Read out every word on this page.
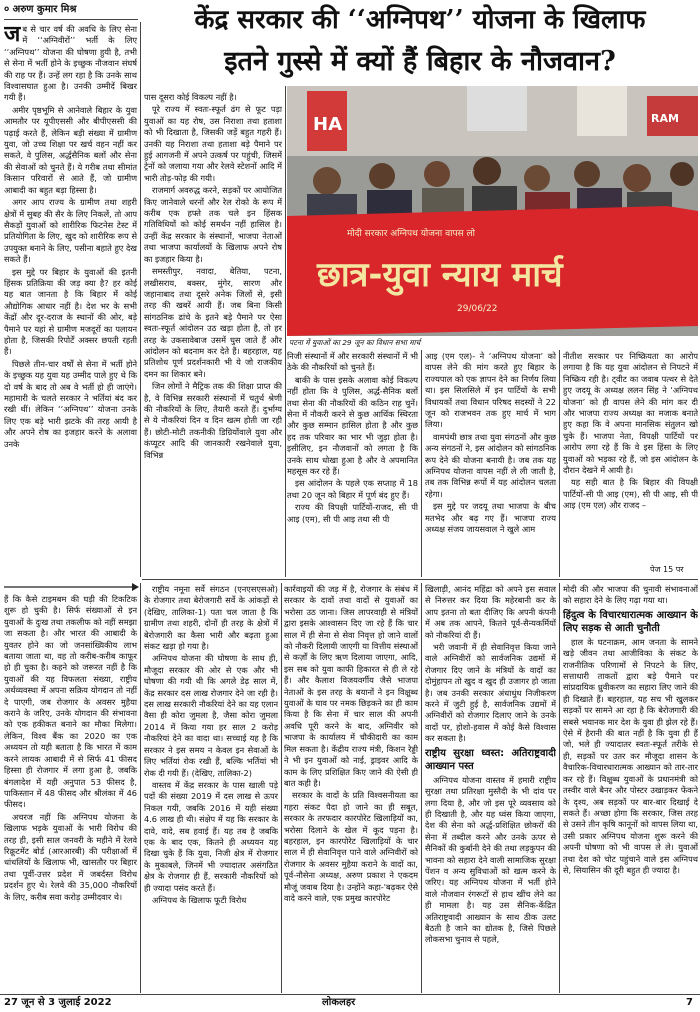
० अरुण कुमार मिश्र	केंद्र सरकार की ‘‘अग्निपथ’’ योजना के खिलाफ
इतने गुस्से में क्यों हैं बिहार के नौजवान?
ज ब से चार वर्ष की अवधि के लिए सेना में ‘‘अग्निवीरों’’ भर्ती के लिए ‘‘अग्निपथ’’ योजना की घोषणा हुयी है, तभी से सेना में भर्ती होने के इच्छुक नौजवान संघर्ष की राह पर हैं। उन्हें लग रहा है कि उनके साथ विश्वासघात हुआ है। उनकी उम्मीदें बिखर गयी हैं।

अमीर पृष्ठभूमि से आनेवाले बिहार के युवा आमतौर पर यूपीएससी और बीपीएससी की पढ़ाई करते हैं, लेकिन बड़ी संख्या में ग्रामीण युवा, जो उच्च शिक्षा पर खर्च वहन नहीं कर सकते, वे पुलिस, अर्द्धसैनिक बलों और सेना की सेवाओं को चुनते हैं। ये गरीब तथा सीमांत किसान परिवारों से आते हैं, जो ग्रामीण आबादी का बहुत बड़ा हिस्सा है।

अगर आप राज्य के ग्रामीण तथा शहरी क्षेत्रों में सुबह की सैर के लिए निकलें, तो आप सैकड़ों युवाओं को शारीरिक फिटनेस टेस्ट में प्रतियोगिता के लिए, खुद को शारीरिक रूप से उपयुक्त बनाने के लिए, पसीना बहाते हुए देख सकते हैं।

इस मुद्दे पर बिहार के युवाओं की इतनी हिंसक प्रतिक्रिया की जड़ क्या है? हर कोई यह बात जानता है कि बिहार में कोई औद्योगिक आधार नहीं है। देश भर के सभी केंद्रों और दूर-दराज के स्थानों की ओर, बड़े पैमाने पर यहां से ग्रामीण मजदूरों का पलायन होता है, जिसकी रिपोर्टें अक्सर छपती रहती हैं।

पिछले तीन-चार वर्षों से सेना में भर्ती होने के इच्छुक यह युवा यह उम्मीद पाले हुए थे कि दो वर्ष के बाद तो अब वे भर्ती हो ही जाएंगे। महामारी के चलते सरकार ने भर्तियां बंद कर रखी थीं। लेकिन ‘‘अग्निपथ’’ योजना उनके लिए एक बड़े भारी झटके की तरह आयी है और अपने रोष का इजहार करने के अलावा उनके

पास दूसरा कोई विकल्प नहीं है।

पूरे राज्य में स्वतः-स्फूर्त ढंग से फूट पड़ा युवाओं का यह रोष, उस निराशा तथा हताशा को भी दिखाता है, जिसकी जड़ें बहुत गहरी हैं। उनकी यह निराशा तथा हताशा बड़े पैमाने पर हुई आगजनी में अपने उत्कर्ष पर पहुंची, जिसमें ट्रेनों को जलाया गया और रेलवे स्टेशनों आदि में भारी तोड़-फोड़ की गयी।

राजमार्ग अवरुद्ध करने, सड़कों पर आयोजित किए जानेवाले धरनों और रेल रोको के रूप में करीब एक हफ्ते तक चले इन हिंसक गतिविधियों को कोई समर्थन नहीं हासिल है। उन्हीं केंद्र सरकार के संस्थानों, भाजपा नेताओं तथा भाजपा कार्यालयों के खिलाफ अपने रोष का इजहार किया है।

समस्तीपुर, नवादा, बेतिया, पटना, लखीसराय, बक्सर, मुंगेर, सारण और जहानाबाद तथा दूसरे अनेक जिलों से, इसी तरह की खबरें आयी हैं। जब बिना किसी सांगठनिक ढांचे के इतने बड़े पैमाने पर ऐसा स्वतः-स्फूर्त आंदोलन उठ खड़ा होता है, तो हर तरह के उकसावेबाज उसमें घुस जाते हैं और आंदोलन को बदनाम कर देते हैं। बहरहाल, यह प्रतिशोध पूर्ण प्रदर्शनकारी भी ये जो राजकीय दमन का शिकार बने।

जिन लोगों ने मैट्रिक तक की शिक्षा प्राप्त की है, वे विभिन्न सरकारी संस्थानों में चतुर्थ श्रेणी की नौकरियों के लिए, तैयारी करते हैं। दुर्भाग्य से ये नौकरियां दिन व दिन खत्म होती जा रही हैं। छोटी-मोटी तकनीकी डिग्रियोंवाले युवा और कंप्यूटर आदि की जानकारी रखनेवाले युवा, विभिन्न

HA	RAM
छात्र-युवा न्याय मार्च
मोदी सरकार अग्निपथ योजना वापस लो
29/06/22
पटना में युवाओं का 29 जून का विधान सभा मार्च

निजी संस्थानों में और सरकारी संस्थानों में भी ठेके की नौकरियों को चुनते हैं।

बाकी के पास इसके अलावा कोई विकल्प नहीं होता कि वे पुलिस, अर्द्ध-सैनिक बलों तथा सेना की नौकरियों की कठिन राह चुनें। सेना में नौकरी करने से कुछ आर्थिक स्थिरता और कुछ सम्मान हासिल होता है और कुछ हद तक परिवार का भार भी जुड़ा होता है। इसीलिए, इन नौजवानों को लगता है कि उनके साथ धोखा हुआ है और वे अपमानित महसूस कर रहे हैं।

इस आंदोलन के पहले एक सप्ताह में 18 तथा 20 जून को बिहार में पूर्ण बंद हुए हैं।

राज्य की विपक्षी पार्टियों-राजद, सी पी आइ (एम), सी पी आइ तथा सी पी

आइ (एम एल)- ने ‘अग्निपथ योजना’ को वापस लेने की मांग करते हुए बिहार के राज्यपाल को एक ज्ञापन देने का निर्णय लिया था। इस सिलसिले में इन पार्टियों के सभी विधायकों तथा विधान परिषद सदस्यों ने 22 जून को राजभवन तक हुए मार्च में भाग लिया।

वामपंथी छात्र तथा युवा संगठनों और कुछ अन्य संगठनों ने, इस आंदोलन को सांगठनिक रूप देने की योजना बनायी है। जब तक यह अग्निपथ योजना वापस नहीं ले ली जाती है, तब तक विभिन्न रूपों में यह आंदोलन चलता रहेगा।

इस मुद्दे पर जदयू तथा भाजपा के बीच मतभेद और बढ़ गए हैं। भाजपा राज्य अध्यक्ष संजय जायसवाल ने खुले आम

नीतीश सरकार पर निष्क्रियता का आरोप लगाया है कि यह युवा आंदोलन से निपटने में निष्क्रिय रही है। ट्वीट का जवाब पत्थर से देते हुए जदयू के अध्यक्ष ललन सिंह ने ‘अग्निपथ योजना’ को ही वापस लेने की मांग कर दी और भाजपा राज्य अध्यक्ष का मजाक बनाते हुए कहा कि वे अपना मानसिक संतुलन खो चुके हैं। भाजपा नेता, विपक्षी पार्टियों पर आरोप लगा रहे हैं कि वे इस हिंसा के लिए युवाओं को भड़का रहे हैं, जो इस आंदोलन के दौरान देखने में आयी है।

यह सही बात है कि बिहार की विपक्षी पार्टियों-सी पी आइ (एम), सी पी आइ, सी पी आइ (एम एल) और राजद –

पेज 15 पर

हैं कि कैसे टाइमबम की घड़ी की टिकटिक शुरू हो चुकी है। सिर्फ संख्याओं से इन युवाओं के दुःख तथा तकलीफ को नहीं समझा जा सकता है। और भारत की आबादी के युवतर होने का जो जनसांख्यिकीय लाभ बताया जाता था, वह तो करीब-करीब काफूर हो ही चुका है। कहने को जरूरत नहीं है कि युवाओं की यह विफलता संख्या, राष्ट्रीय अर्थव्यवस्था में अपना सक्रिय योगदान तो नहीं दे पाएगी, जब रोजगार के अवसर मुहैया कराने के जरिए, उनके योगदान की संभावना को एक हकीकत बनाने का मौका मिलेगा। लेकिन, विश्व बैंक का 2020 का एक अध्ययन तो यही बताता है कि भारत में काम करने लायक आबादी में से सिर्फ 41 फीसद हिस्सा ही रोजगार में लगा हुआ है, जबकि बंगलादेश में यही अनुपात 53 फीसद है, पाकिस्तान में 48 फीसद और श्रीलंका में 46 फीसद।

अचरज नहीं कि अग्निपथ योजना के खिलाफ भड़के युवाओं के भारी विरोध की तरह ही, इसी साल जनवरी के महीने में रेलवे रिक्रूटमेंट बोर्ड (आरआरबी) की परीक्षाओं में धांधलियों के खिलाफ भी, खासतौर पर बिहार तथा पूर्वी-उत्तर प्रदेश में जबर्दस्त विरोध प्रदर्शन हुए थे। रेलवे की 35,000 नौकरियों के लिए, करीब सवा करोड़ उम्मीदवार थे।

राष्ट्रीय नमूना सर्वे संगठन (एनएसएसओ) के रोजगार तथा बेरोजगारी सर्वे के आंकड़ों से (देखिए, तालिका-1) पता चल जाता है कि ग्रामीण तथा शहरी, दोनों ही तरह के क्षेत्रों में बेरोजगारी का कैसा भारी और बढ़ता हुआ संकट खड़ा हो गया है।

अग्निपथ योजना की घोषणा के साथ ही, मौजूदा सरकार की ओर से एक और भी घोषणा की गयी थी कि अगले डेढ़ साल में, केंद्र सरकार दस लाख रोजगार देने जा रही है। दस लाख सरकारी नौकरियां देने का यह एलान वैसा ही कोरा जुमला है, जैसा कोरा जुमला 2014 में किया गया हर साल 2 करोड़ नौकरियां देने का वादा था। सच्चाई यह है कि सरकार ने इस समय न केवल इन सेवाओं के लिए भर्तियां रोक रखी हैं, बल्कि भर्तियां भी रोक दी गयी हैं। (देखिए, तालिका-2)

वास्तव में केंद्र सरकार के पास खाली पड़े पदों की संख्या 2019 में दस लाख से ऊपर निकल गयी, जबकि 2016 में यही संख्या 4.6 लाख ही थी। संक्षेप में यह कि सरकार के दावे, वादे, सब हवाई हैं। यह तब है जबकि एक के बाद एक, कितने ही अध्ययन यह दिखा चुके हैं कि युवा, निजी क्षेत्र में रोजगार के मुकाबले, जिनमें भी ज्यादातर असंगठित क्षेत्र के रोजगार ही हैं, सरकारी नौकरियों को ही ज्यादा पसंद करते हैं।

अग्निपथ के खिलाफ फूटी विरोध

कार्रवाइयों की जड़ में है, रोजगार के संबंध में सरकार के दावों तथा वादों से युवाओं का भरोसा उठ जाना। जिस लापरवाही से मंत्रियों द्वारा इसके आश्वासन दिए जा रहे हैं कि चार साल में ही सेना से सेवा निवृत्त हो जाने वालों को नौकरी दिलायी जाएगी या वित्तीय संस्थाओं से कर्ज़ों के लिए ऋण दिलाया जाएगा, आदि, इस सब को युवा काफी हिकारत से ही ले रहे हैं। और कैलाश विजयवर्गीय जैसे भाजपा नेताओं के इस तरह के बयानों ने इन विक्षुब्ध युवाओं के घाव पर नमक छिड़कने का ही काम किया है कि सेना में चार साल की अपनी अवधि पूरी करने के बाद, अग्निवीर को भाजपा के कार्यालय में चौकीदारी का काम मिल सकता है। केंद्रीय राज्य मंत्री, किशन रेड्डी ने भी इन युवाओं को नाई, ड्राइवर आदि के काम के लिए प्रशिक्षित किए जाने की ऐसी ही बात कही है।

सरकार के वादों के प्रति विश्वसनीयता का गहरा संकट पैदा हो जाने का ही सबूत, सरकार के तरफदार कारपोरेट खिलाड़ियों का, भरोसा दिलाने के खेल में कूद पड़ना है। बहरहाल, इन कारपोरेट खिलाड़ियों के चार साल में ही सेवानिवृत्त पाने वाले अग्निवीरों को रोजगार के अवसर मुहैया कराने के वादों का, पूर्व-नौसेना अध्यक्ष, अरुण प्रकाश ने एकदम मौजूं जवाब दिया है। उन्होंने कहा-'बढ़कर ऐसे वादे करने वाले, एक प्रमुख कारपोरेट

खिलाड़ी, आनंद महिंद्रा को अपने इस सवाल से निरुत्तर कर दिया कि महेरबानी कर के आप इतना तो बता दीजिए कि अपनी कंपनी में अब तक आपने, कितने पूर्व-सैन्यकर्मियों को नौकरियां दी हैं।

भरी जवानी में ही सेवानिवृत्त किया जाने वाले अग्निवीरों को सार्वजनिक उद्यमों में रोजगार दिए जाने के मंत्रियों के वादों का दोमुंहापन तो खुद व खुद ही उजागर हो जाता है। जब उनकी सरकार अंधाधुंध निजीकरण करने में जुटी हुई है, सार्वजनिक उद्यमों में अग्निवीरों को रोजगार दिलाए जाने के उनके वादों पर, होशो-हवास में कोई कैसे विश्वास कर सकता है।

राष्ट्रीय सुरक्षा ध्वस्त: अतिराष्ट्रवादी आख्यान पस्त

अग्निपथ योजना वास्तव में हमारी राष्ट्रीय सुरक्षा तथा प्रतिरक्षा मुस्तैदी के भी दांव पर लगा दिया है, और जो इस पूरे व्यवसाय को ही दिखाती है, और यह ध्वंस किया जाएगा, देश की सेना को अर्द्ध-प्रशिक्षित छोकरों की सेना में तब्दील करने और उनके ऊपर से सैनिकों की कुर्बानी देने की तथा लड़कुपन की भावना को सहारा देने वाली सामाजिक सुरक्षा पेंशन व अन्य सुविधाओं को खत्म करने के जरिए। यह अग्निपथ योजना में भर्ती होने वाले नौजवान रंगरूटों से हाथ खींच लेने का ही मामला है। यह उस सैनिक-केंद्रित अतिराष्ट्रवादी आख्यान के साथ ठीक उलट बैठती है जाने का द्योतक है, जिसे पिछले लोकसभा चुनाव से पहले,

मोदी की और भाजपा की चुनावी संभावनाओं को सहारा देने के लिए गढ़ा गया था।

हिंदुत्व के विचारधारात्मक आख्यान के लिए सड़क से आती चुनौती

हाल के घटनाक्रम, आम जनता के सामने खड़े जीवन तथा आजीविका के संकट के राजनीतिक परिणामों से निपटने के लिए, सत्ताधारी ताकतों द्वारा बड़े पैमाने पर सांप्रदायिक ध्रुवीकरण का सहारा लिए जाने की ही दिखाते हैं। बहरहाल, यह सच भी खुलकर सड़कों पर सामने आ रहा है कि बेरोजगारी की सबसे भयानक मार देश के युवा ही झेल रहे हैं। ऐसे में हैरानी की बात नहीं है कि युवा ही हैं जो, भले ही ज्यादातर स्वतः-स्फूर्त तरीके से ही, सड़कों पर उतर कर मौजूदा शासन के वैचारिक-विचारधारात्मक आख्यान को तार-तार कर रहे हैं। विक्षुब्ध युवाओं के प्रधानमंत्री को तस्वीर वाले बैनर और पोस्टर उखाड़कर फेंकने के दृश्य, अब सड़कों पर बार-बार दिखाई दे सकते हैं। अच्छा होगा कि सरकार, जिस तरह से उसने तीन कृषि कानूनों को वापस लिया था, उसी प्रकार अग्निपथ योजना शुरू करने की अपनी घोषणा को भी वापस ले ले। युवाओं तथा देश को चोट पहुंचाने वाले इस अग्निपथ से, सियासिन की दूरी बहुत ही ज्यादा है।

27 जून से 3 जुलाई 2022	लोकलहर	7
